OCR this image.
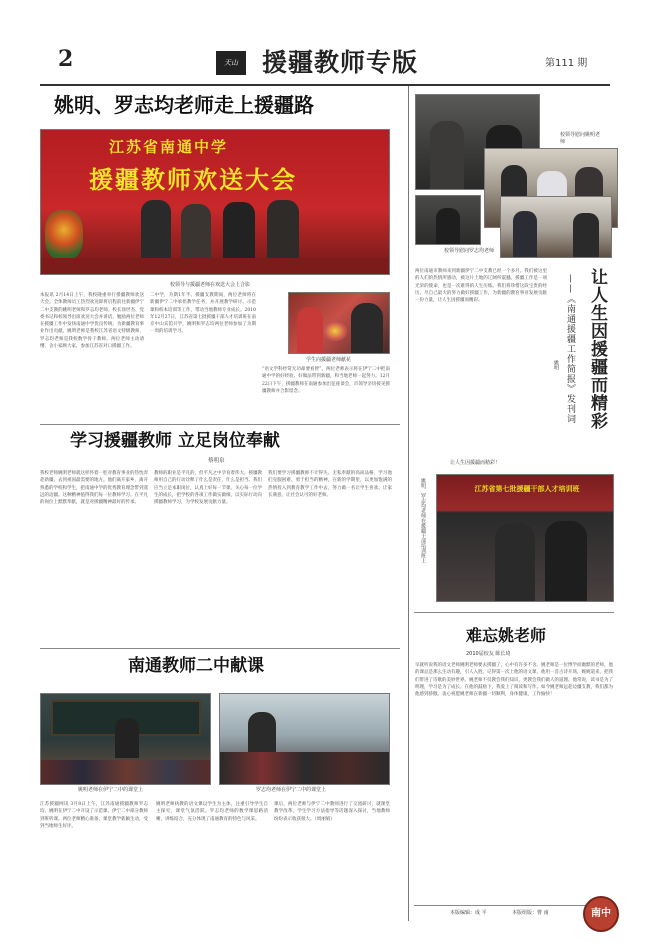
2	天山 援疆教师专版	第111 期
姚明、罗志均老师走上援疆路
江苏省南通中学
援疆教师欢送大会
校领导与援疆老师在欢送大会上合影
本报讯 2月14日上午，我校隆重举行援疆教师欢送大会。全体教师员工热烈欢送即将启程前往新疆伊宁二中支教的姚明老师和罗志均老师。校长徐世杰、党委书记和校领导出席欢送大会并讲话，勉励两位老师在援疆工作中发扬南通中学优良传统，为新疆教育事业作出贡献。姚明老师是我校江苏省语文特级教师，罗志均老师是我校数学骨干教师。两位老师主动请缨，舍小家顾大家，参加江苏省对口援疆工作。
二中学，为期1年半。援疆支教期间，两位老师将在新疆伊宁二中承担教学任务，并开展教学研讨、示范课和校本培训等工作，带动当地教师专业成长。2010年12月27日，江苏省第七批援疆干部人才培训班在南京中山宾馆开学，姚明和罗志均两位老师参加了为期一周的培训学习。
学生向援疆老师献花
“语文学科经常无功却要看智”，两位老师表示将在伊宁二中把南通中学的好经验、好做法带到新疆，和当地老师一起努力。12月22日下午，援疆教师在南通参加出征座谈会，市领导亲切接见援疆教师并合影留念。
学习援疆教师 立足岗位奉献
蔡明泉
我校老师姚明老师就这样怀着一腔对教育事业的热忱奔赴新疆，去到祖国最需要的地方。他们离开家乡，离开熟悉的学校和学生，把南通中学的优秀教育理念带到遥远的边疆。这种精神值得我们每一位教师学习。在平凡的岗位上默默奉献，就是对援疆精神最好的传承。
教师的职业是平凡的，但平凡之中孕育着伟大。援疆教师用自己的行动诠释了什么是责任，什么是担当。我们应当立足本职岗位，认真上好每一节课，关心每一位学生的成长，把学校的各项工作做实做细，以实际行动向援疆教师学习，为学校发展贡献力量。
我们要学习援疆教师不计得失、无私奉献的高尚品格，学习他们克服困难、勇于担当的精神。在新的学期里，以更加饱满的热情投入到教育教学工作中去，努力做一名让学生喜欢、让家长满意、让社会认可的好老师。
南通教师二中献课
姚明老师在伊宁二中的课堂上	罗志均老师在伊宁二中的课堂上
江苏援疆网讯 3月8日上午，江苏南通援疆教师罗志均、姚明在伊宁二中开设了示范课，伊宁二中部分教师到班听课。两位老师精心准备，课堂教学新颖生动，受到当地师生好评。
姚明老师执教的语文课以学生为主体，注重引导学生自主探究，课堂气氛活跃。罗志均老师的数学课思路清晰，讲练结合，充分体现了南通教育的特色与风采。
课后，两位老师与伊宁二中教师进行了交流研讨，就课堂教学改革、学生学习方法指导等话题深入探讨，当地教师纷纷表示收获很大。（周丽娟）
校领导慰问姚明老师
校领导慰问罗志均老师
让人生因援疆而精彩
——《南通援疆工作简报》发刊词
姚明
两位南通市教师来到新疆伊宁二中支教已经一个多月。我们被这里的人们的热情所感动，被这片土地的辽阔所震撼。援疆工作是一项光荣的使命，也是一次难得的人生历练。我们将珍惜这段宝贵的经历，尽自己最大的努力做好援疆工作，为新疆的教育事业发展贡献一份力量，让人生因援疆而精彩。
让人生因援疆而精彩！
姚明、罗志均老师在援疆干部培训班上	江苏省第七批援疆干部人才培训班
难忘姚老师
2010届校友 陈长琦
早就听说我的语文老师姚明老师要去援疆了，心中有许多不舍。姚老师是一位博学而幽默的老师，他的课总是那么生动有趣，引人入胜。记得第一次上他的语文课，他用一首古诗开场，娓娓道来，把我们带进了诗歌的美妙世界。姚老师不仅教会我们知识，更教会我们做人的道理。他常说，读书是为了明理，学习是为了成长。在他的鼓励下，我爱上了阅读和写作。如今姚老师远赴边疆支教，我们都为他感到骄傲。衷心祝愿姚老师在新疆一切顺利，身体健康，工作愉快！
本版编辑：成 平	本版组版：曹 南	南中
